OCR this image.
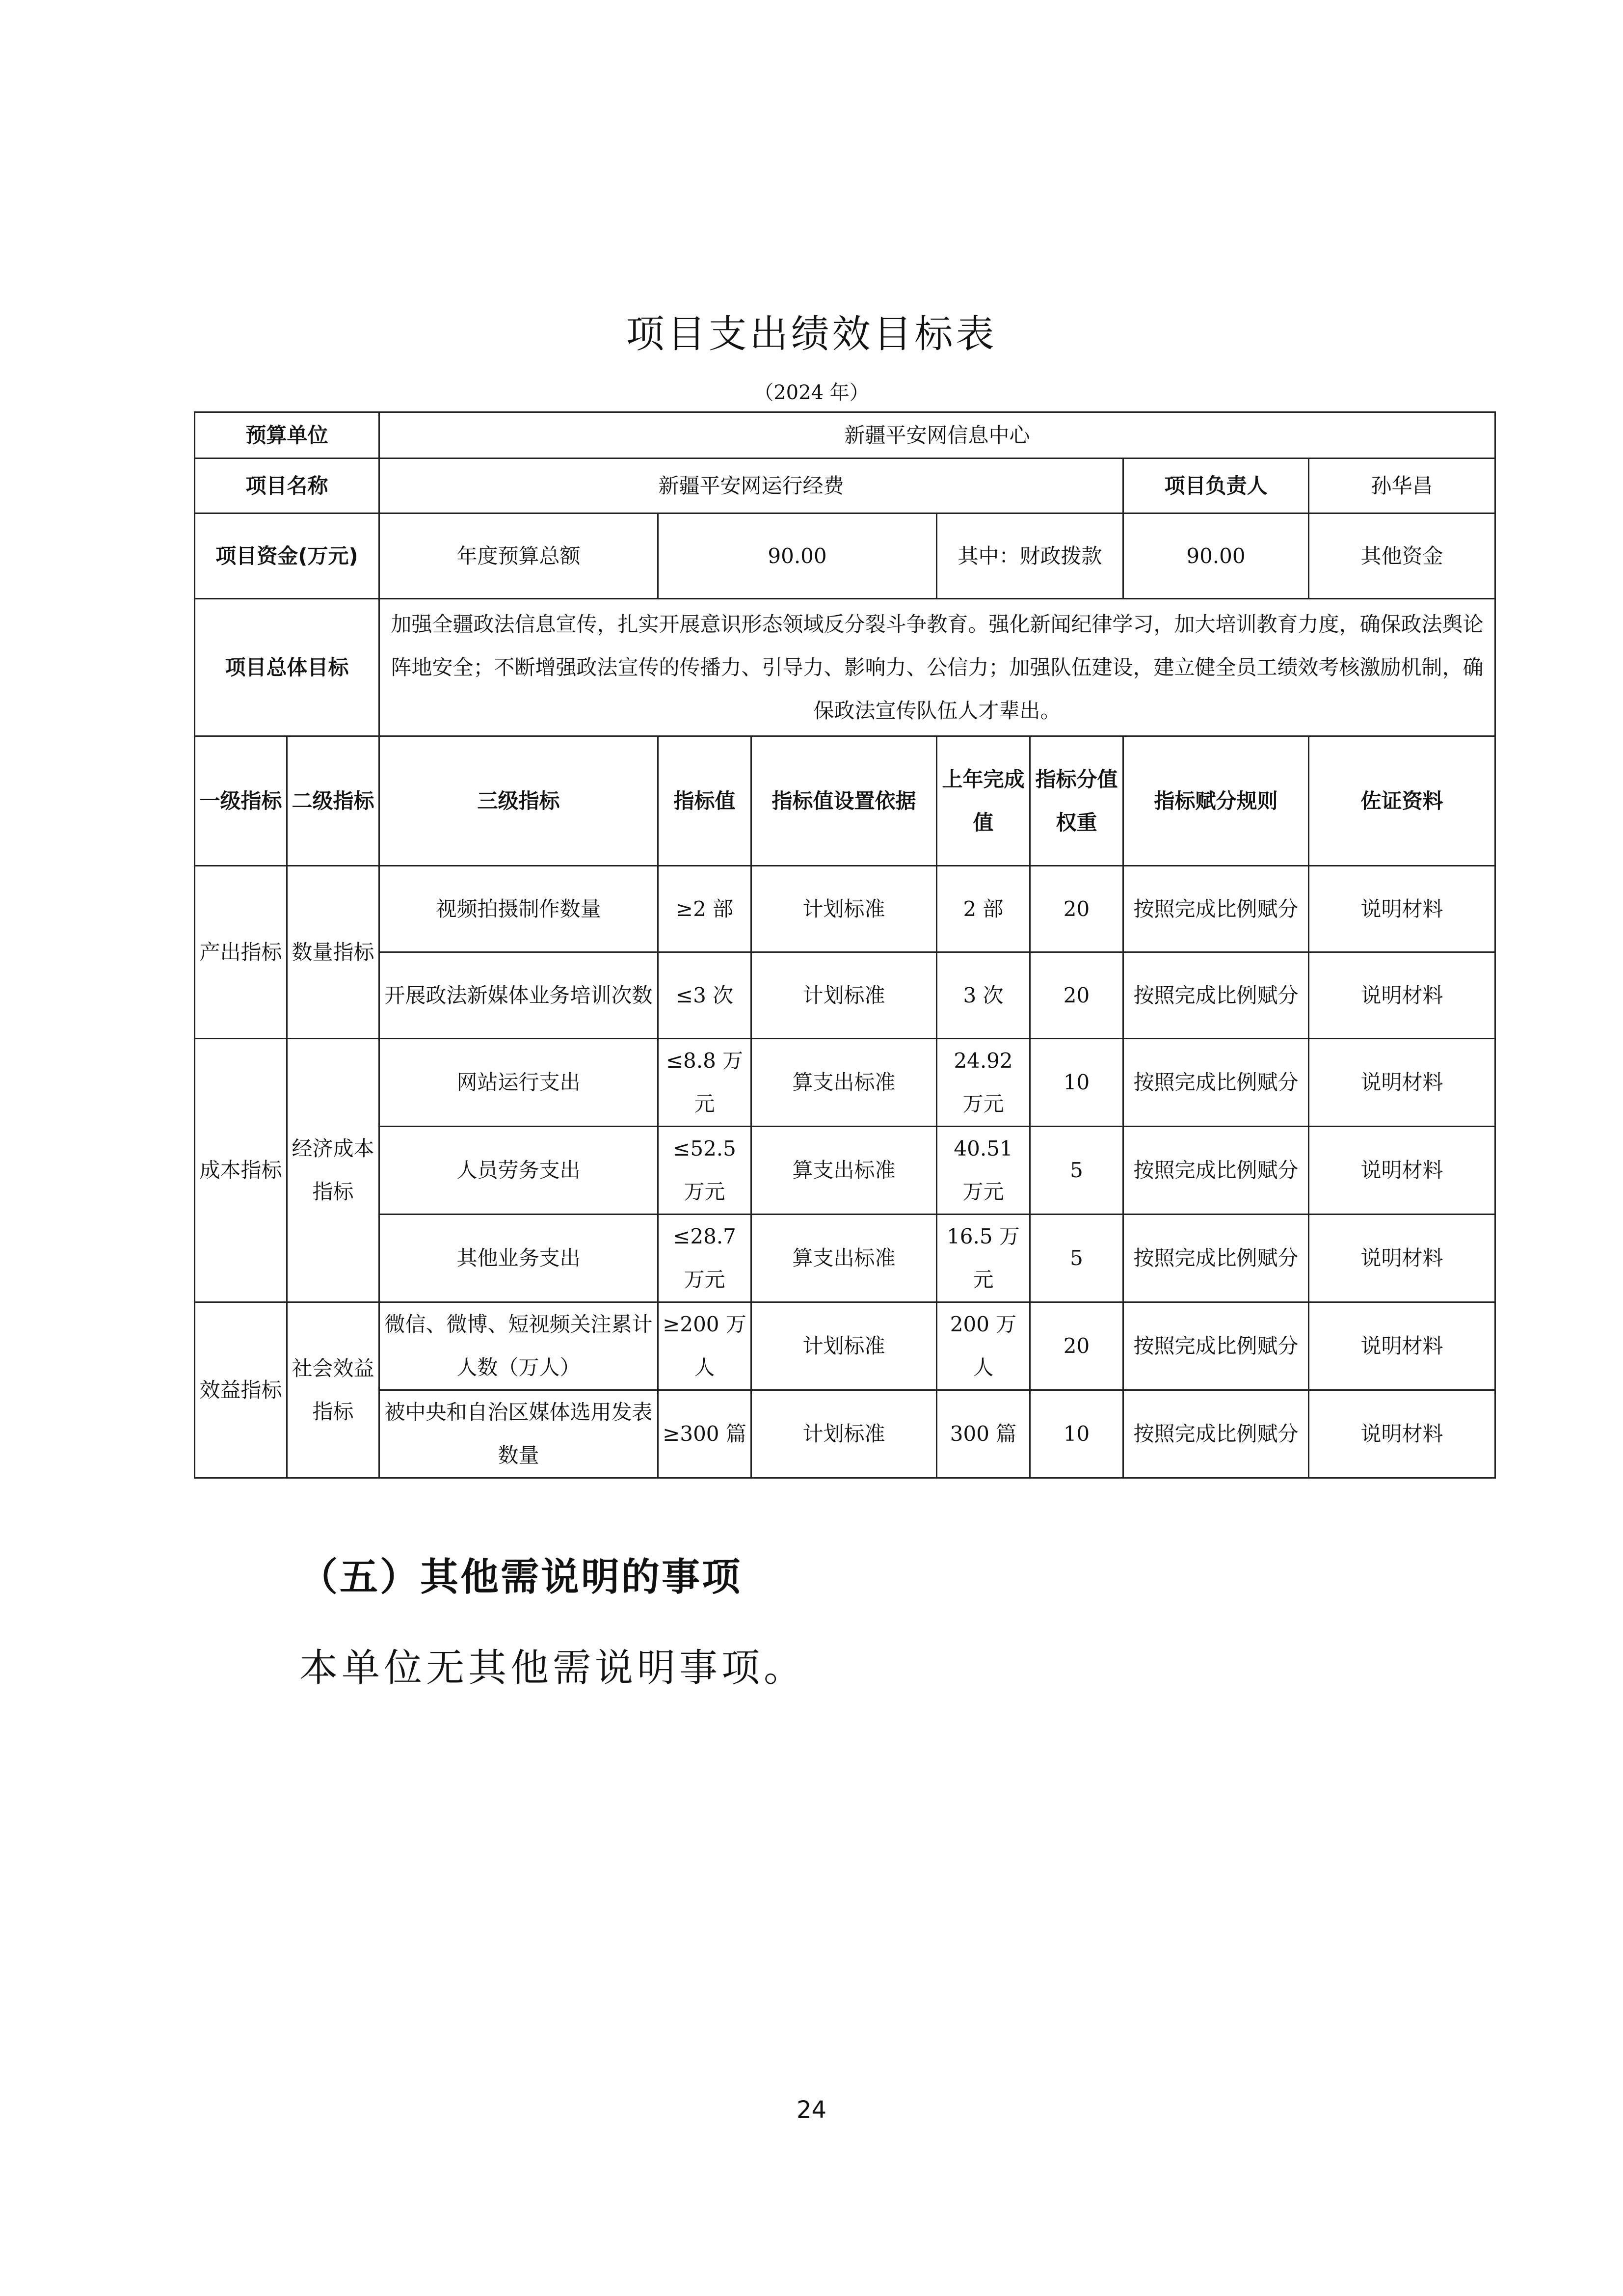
项目支出绩效目标表
（2024 年）
预算单位		新疆平安网信息中心						
项目名称		新疆平安网运行经费					项目负责人	孙华昌
项目资金(万元)		年度预算总额	90.00		其中：财政拨款		90.00	其他资金
项目总体目标		加强全疆政法信息宣传，扎实开展意识形态领域反分裂斗争教育。强化新闻纪律学习，加大培训教育力度，确保政法舆论阵地安全；不断增强政法宣传的传播力、引导力、影响力、公信力；加强队伍建设，建立健全员工绩效考核激励机制，确保政法宣传队伍人才辈出。						
一级指标	二级指标	三级指标	指标值	指标值设置依据	上年完成值	指标分值权重	指标赋分规则	佐证资料
产出指标	数量指标	视频拍摄制作数量	≥2 部	计划标准	2 部	20	按照完成比例赋分	说明材料
		开展政法新媒体业务培训次数	≤3 次	计划标准	3 次	20	按照完成比例赋分	说明材料
成本指标	经济成本指标	网站运行支出	≤8.8 万元	算支出标准	24.92 万元	10	按照完成比例赋分	说明材料
		人员劳务支出	≤52.5 万元	算支出标准	40.51 万元	5	按照完成比例赋分	说明材料
		其他业务支出	≤28.7 万元	算支出标准	16.5 万元	5	按照完成比例赋分	说明材料
效益指标	社会效益指标	微信、微博、短视频关注累计人数（万人）	≥200 万人	计划标准	200 万人	20	按照完成比例赋分	说明材料
		被中央和自治区媒体选用发表数量	≥300 篇	计划标准	300 篇	10	按照完成比例赋分	说明材料
（五）其他需说明的事项
本单位无其他需说明事项。
24
